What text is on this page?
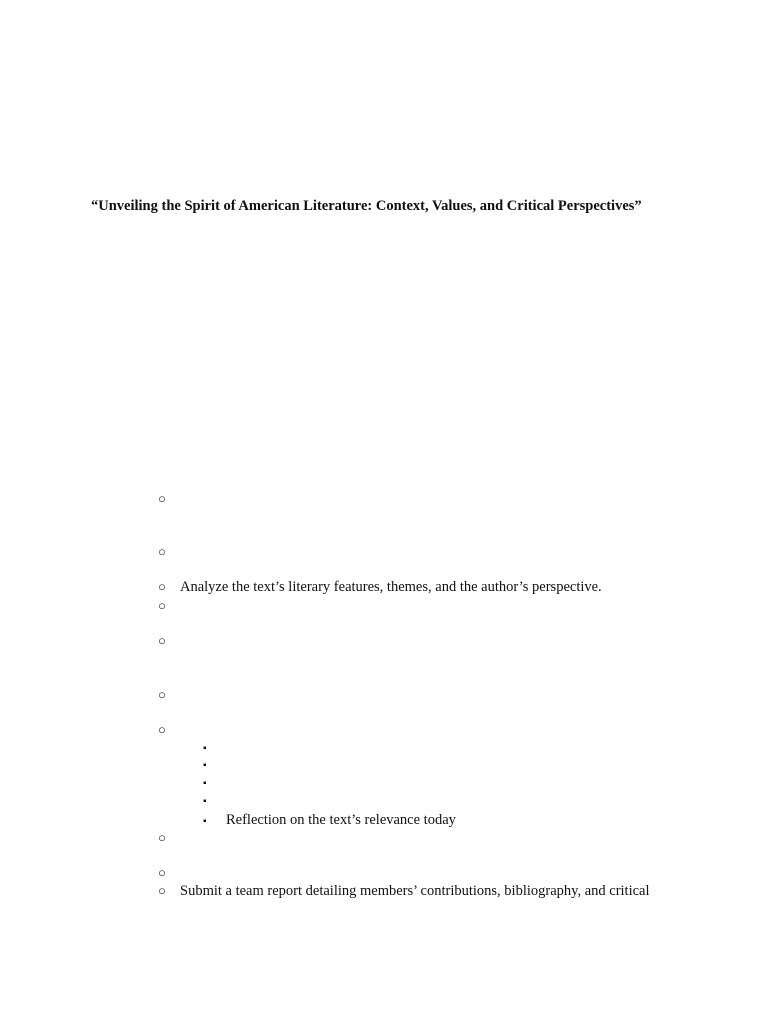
“Unveiling the Spirit of American Literature: Context, Values, and Critical Perspectives”
○
○
○ Analyze the text’s literary features, themes, and the author’s perspective.
○
○
○
○
▪
▪
▪
▪
▪ Reflection on the text’s relevance today
○
○
○ Submit a team report detailing members’ contributions, bibliography, and critical
